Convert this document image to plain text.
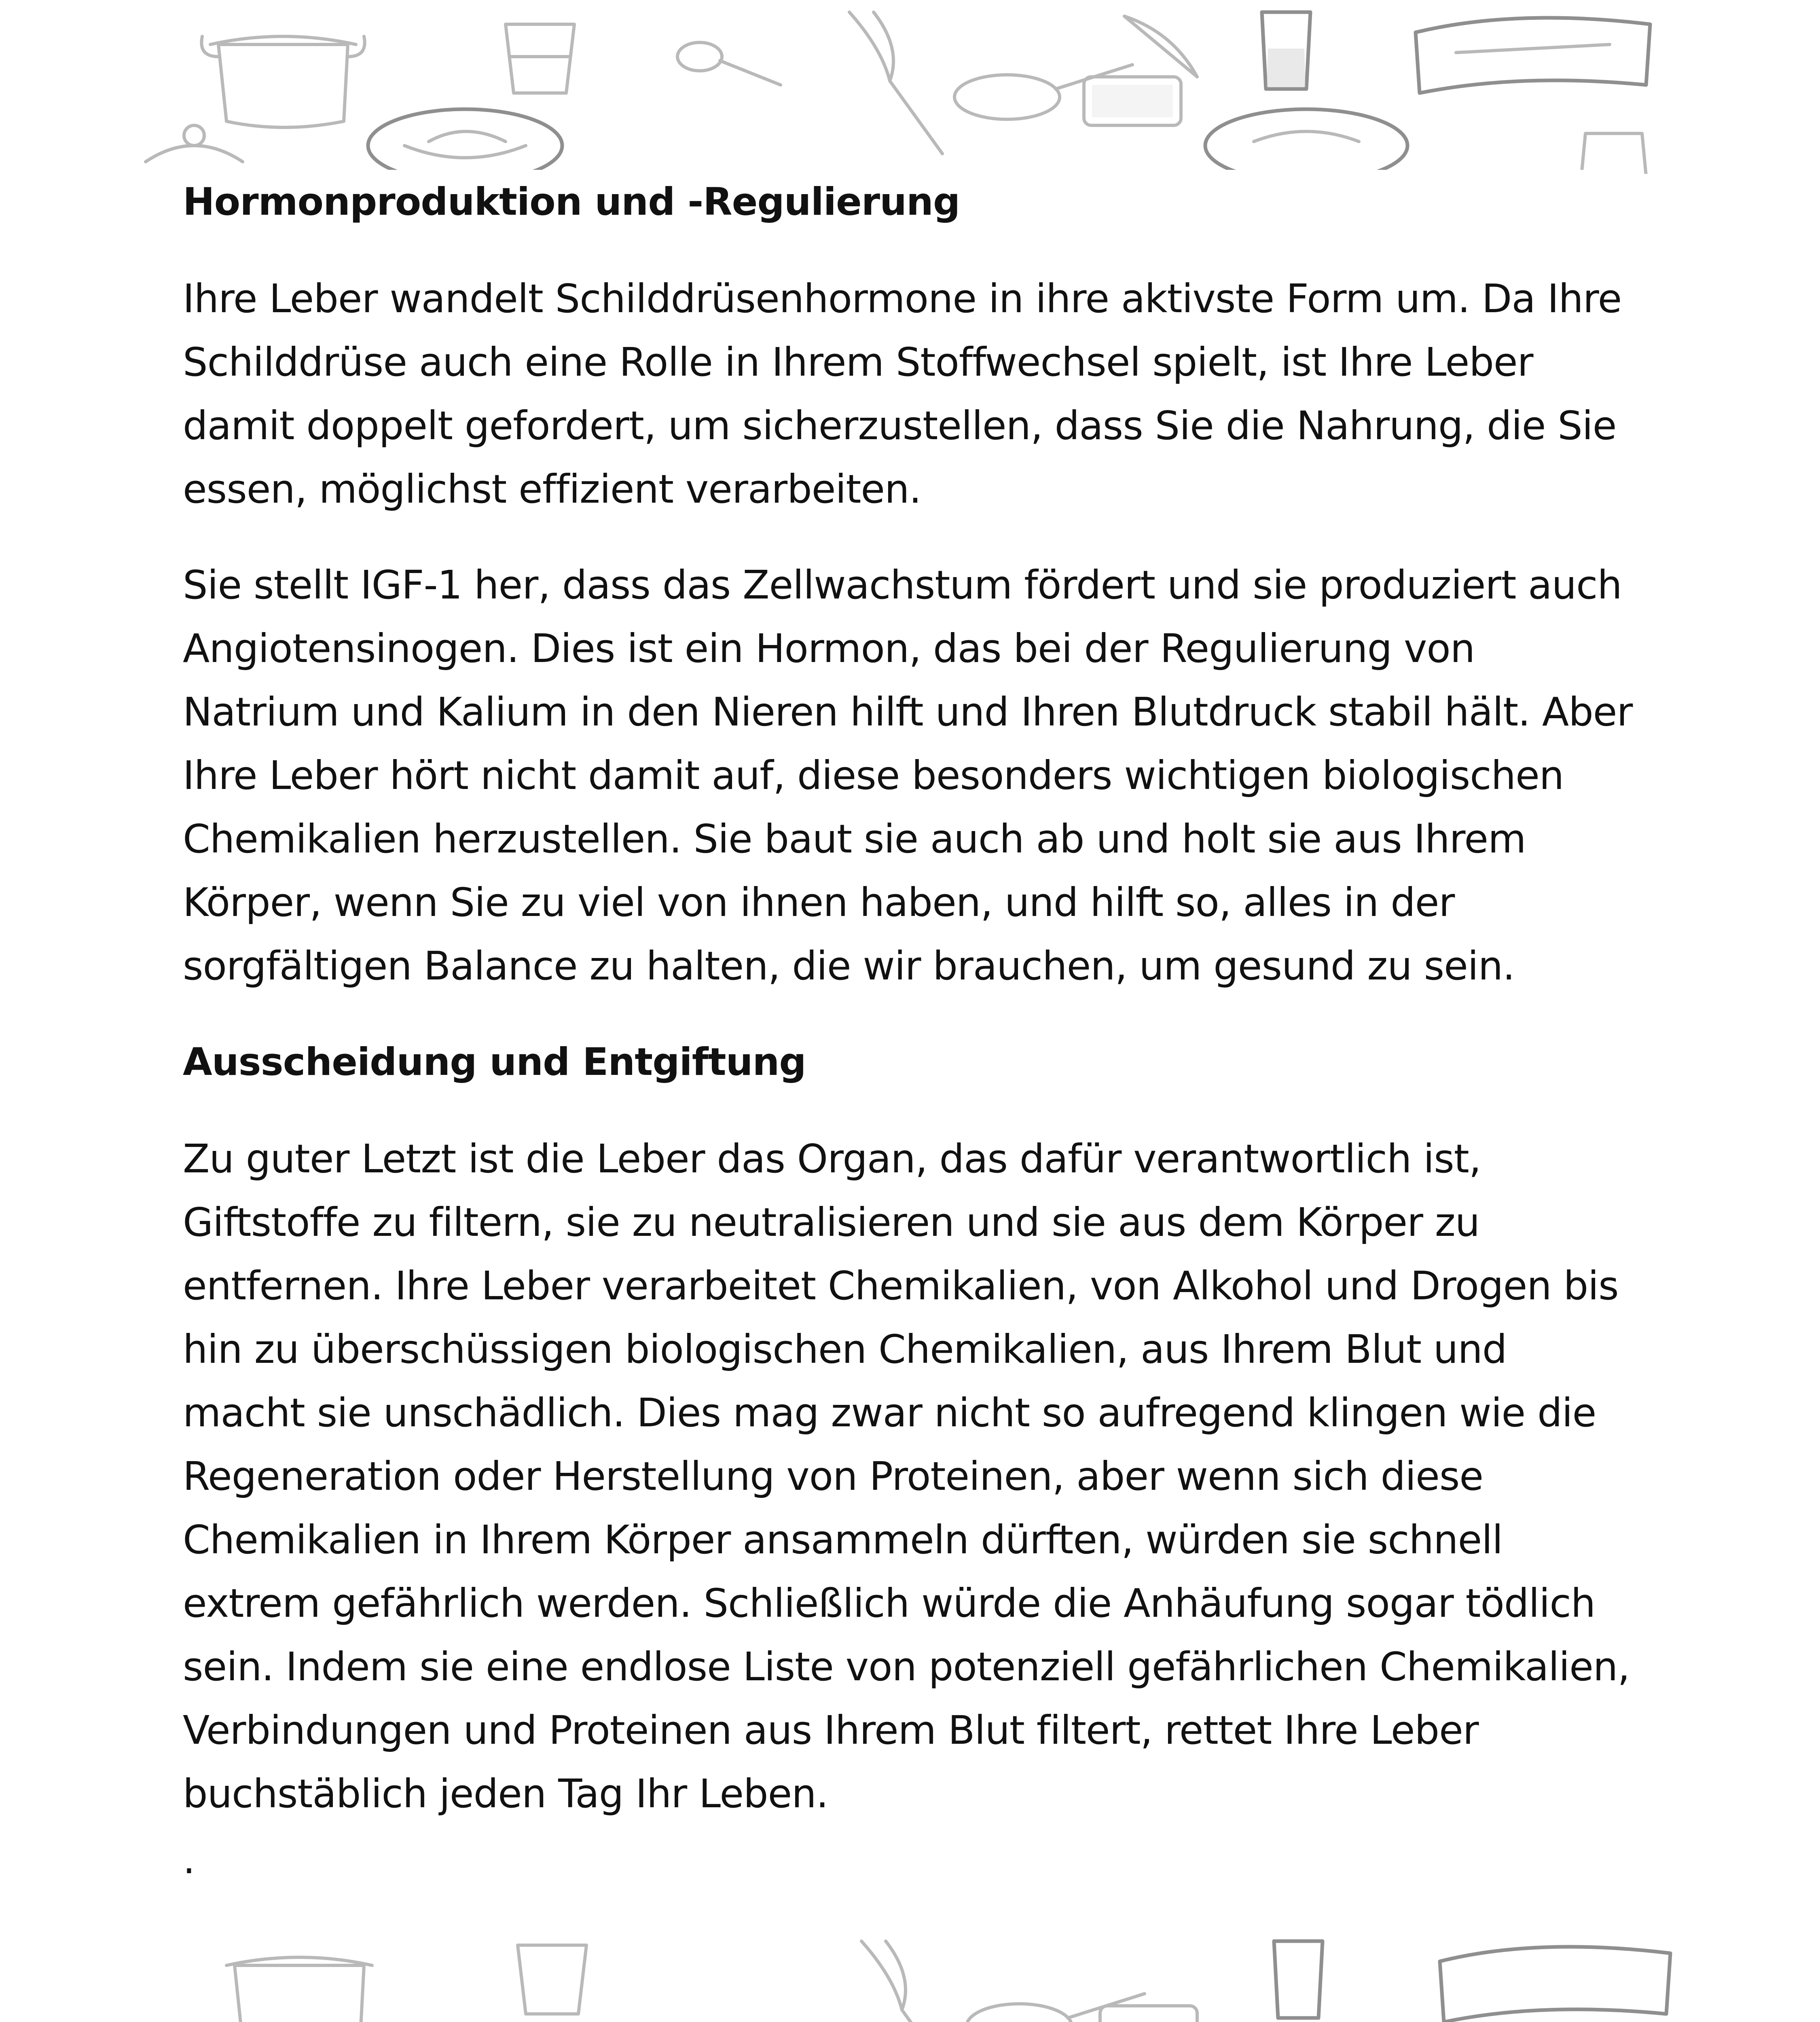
Hormonproduktion und -Regulierung

Ihre Leber wandelt Schilddrüsenhormone in ihre aktivste Form um. Da Ihre Schilddrüse auch eine Rolle in Ihrem Stoffwechsel spielt, ist Ihre Leber damit doppelt gefordert, um sicherzustellen, dass Sie die Nahrung, die Sie essen, möglichst effizient verarbeiten.

Sie stellt IGF-1 her, dass das Zellwachstum fördert und sie produziert auch Angiotensinogen. Dies ist ein Hormon, das bei der Regulierung von Natrium und Kalium in den Nieren hilft und Ihren Blutdruck stabil hält. Aber Ihre Leber hört nicht damit auf, diese besonders wichtigen biologischen Chemikalien herzustellen. Sie baut sie auch ab und holt sie aus Ihrem Körper, wenn Sie zu viel von ihnen haben, und hilft so, alles in der sorgfältigen Balance zu halten, die wir brauchen, um gesund zu sein.

Ausscheidung und Entgiftung

Zu guter Letzt ist die Leber das Organ, das dafür verantwortlich ist, Giftstoffe zu filtern, sie zu neutralisieren und sie aus dem Körper zu entfernen. Ihre Leber verarbeitet Chemikalien, von Alkohol und Drogen bis hin zu überschüssigen biologischen Chemikalien, aus Ihrem Blut und macht sie unschädlich. Dies mag zwar nicht so aufregend klingen wie die Regeneration oder Herstellung von Proteinen, aber wenn sich diese Chemikalien in Ihrem Körper ansammeln dürften, würden sie schnell extrem gefährlich werden. Schließlich würde die Anhäufung sogar tödlich sein. Indem sie eine endlose Liste von potenziell gefährlichen Chemikalien, Verbindungen und Proteinen aus Ihrem Blut filtert, rettet Ihre Leber buchstäblich jeden Tag Ihr Leben.

.
